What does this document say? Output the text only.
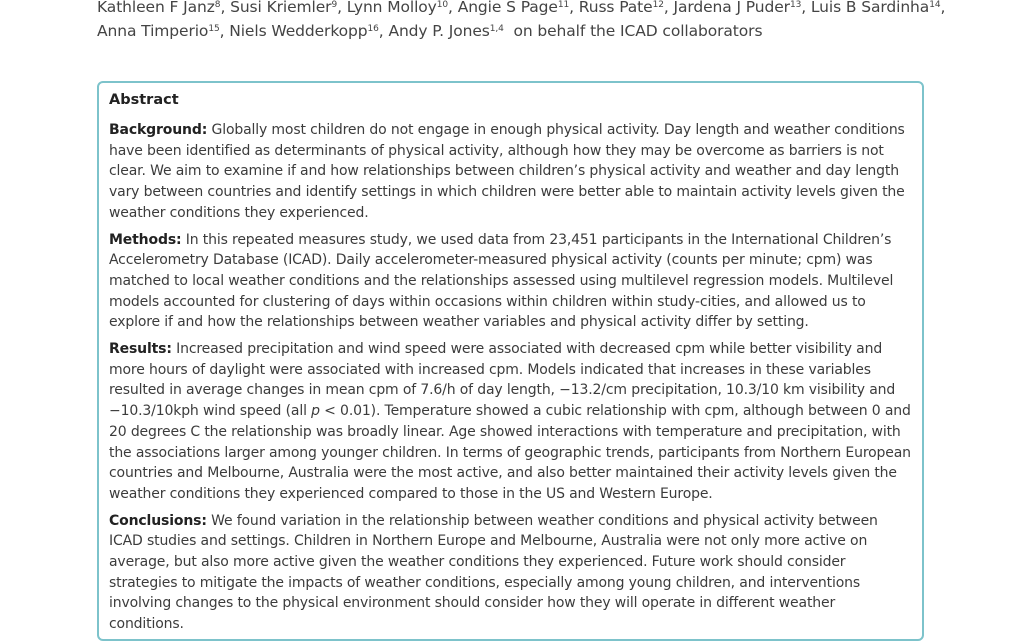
Kathleen F Janz$^8$, Susi Kriemler$^9$, Lynn Molloy$^{10}$, Angie S Page$^{11}$, Russ Pate$^{12}$, Jardena J Puder$^{13}$, Luis B Sardinha$^{14}$,
Anna Timperio$^{15}$, Niels Wedderkopp$^{16}$, Andy P. Jones$^{1,4}$ on behalf the ICAD collaborators
Abstract

Background: Globally most children do not engage in enough physical activity. Day length and weather conditions have been identified as determinants of physical activity, although how they may be overcome as barriers is not clear. We aim to examine if and how relationships between children’s physical activity and weather and day length vary between countries and identify settings in which children were better able to maintain activity levels given the weather conditions they experienced.

Methods: In this repeated measures study, we used data from 23,451 participants in the International Children’s Accelerometry Database (ICAD). Daily accelerometer-measured physical activity (counts per minute; cpm) was matched to local weather conditions and the relationships assessed using multilevel regression models. Multilevel models accounted for clustering of days within occasions within children within study-cities, and allowed us to explore if and how the relationships between weather variables and physical activity differ by setting.

Results: Increased precipitation and wind speed were associated with decreased cpm while better visibility and more hours of daylight were associated with increased cpm. Models indicated that increases in these variables resulted in average changes in mean cpm of 7.6/h of day length, −13.2/cm precipitation, 10.3/10 km visibility and −10.3/10kph wind speed (all p < 0.01). Temperature showed a cubic relationship with cpm, although between 0 and 20 degrees C the relationship was broadly linear. Age showed interactions with temperature and precipitation, with the associations larger among younger children. In terms of geographic trends, participants from Northern European countries and Melbourne, Australia were the most active, and also better maintained their activity levels given the weather conditions they experienced compared to those in the US and Western Europe.

Conclusions: We found variation in the relationship between weather conditions and physical activity between ICAD studies and settings. Children in Northern Europe and Melbourne, Australia were not only more active on average, but also more active given the weather conditions they experienced. Future work should consider strategies to mitigate the impacts of weather conditions, especially among young children, and interventions involving changes to the physical environment should consider how they will operate in different weather conditions.
